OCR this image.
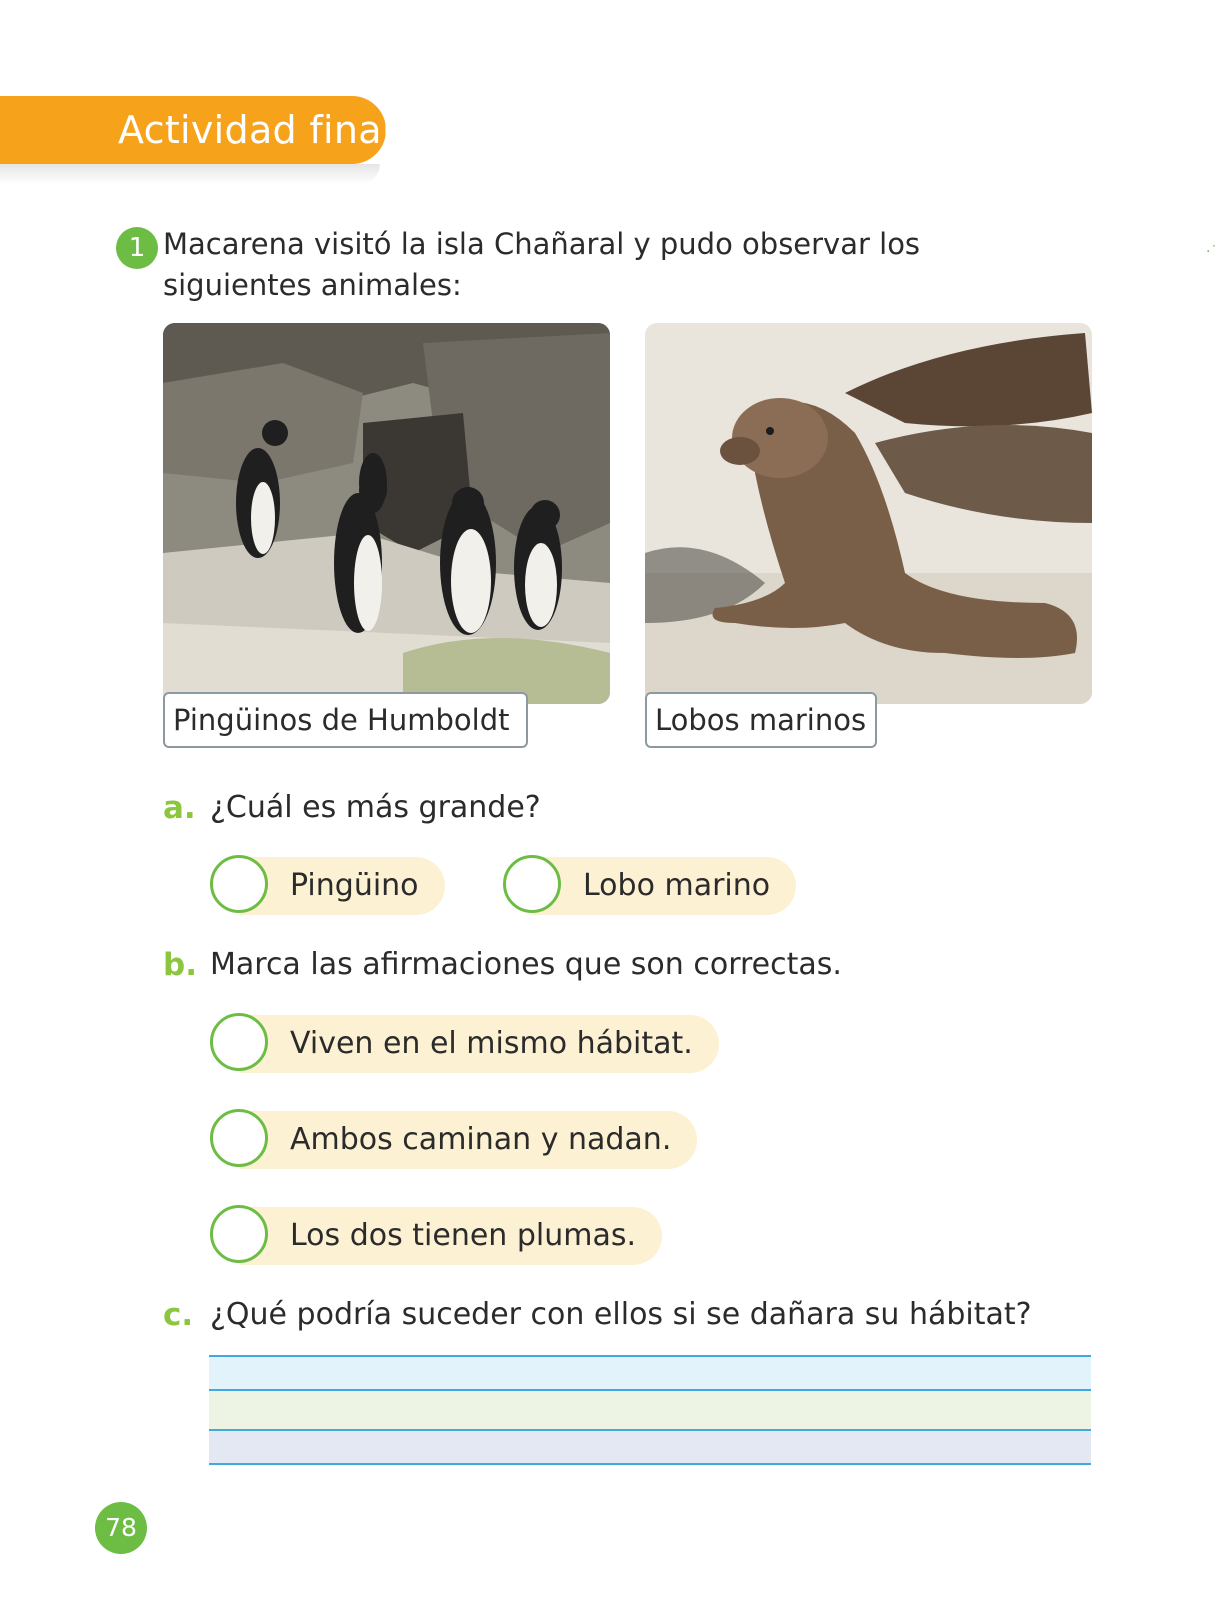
Actividad final
1 Macarena visitó la isla Chañaral y pudo observar los siguientes animales:

·˙
Pingüinos de Humboldt	Lobos marinos
a. ¿Cuál es más grande?
Pingüino	Lobo marino
b. Marca las afirmaciones que son correctas.
Viven en el mismo hábitat.
Ambos caminan y nadan.
Los dos tienen plumas.
c. ¿Qué podría suceder con ellos si se dañara su hábitat?
78
